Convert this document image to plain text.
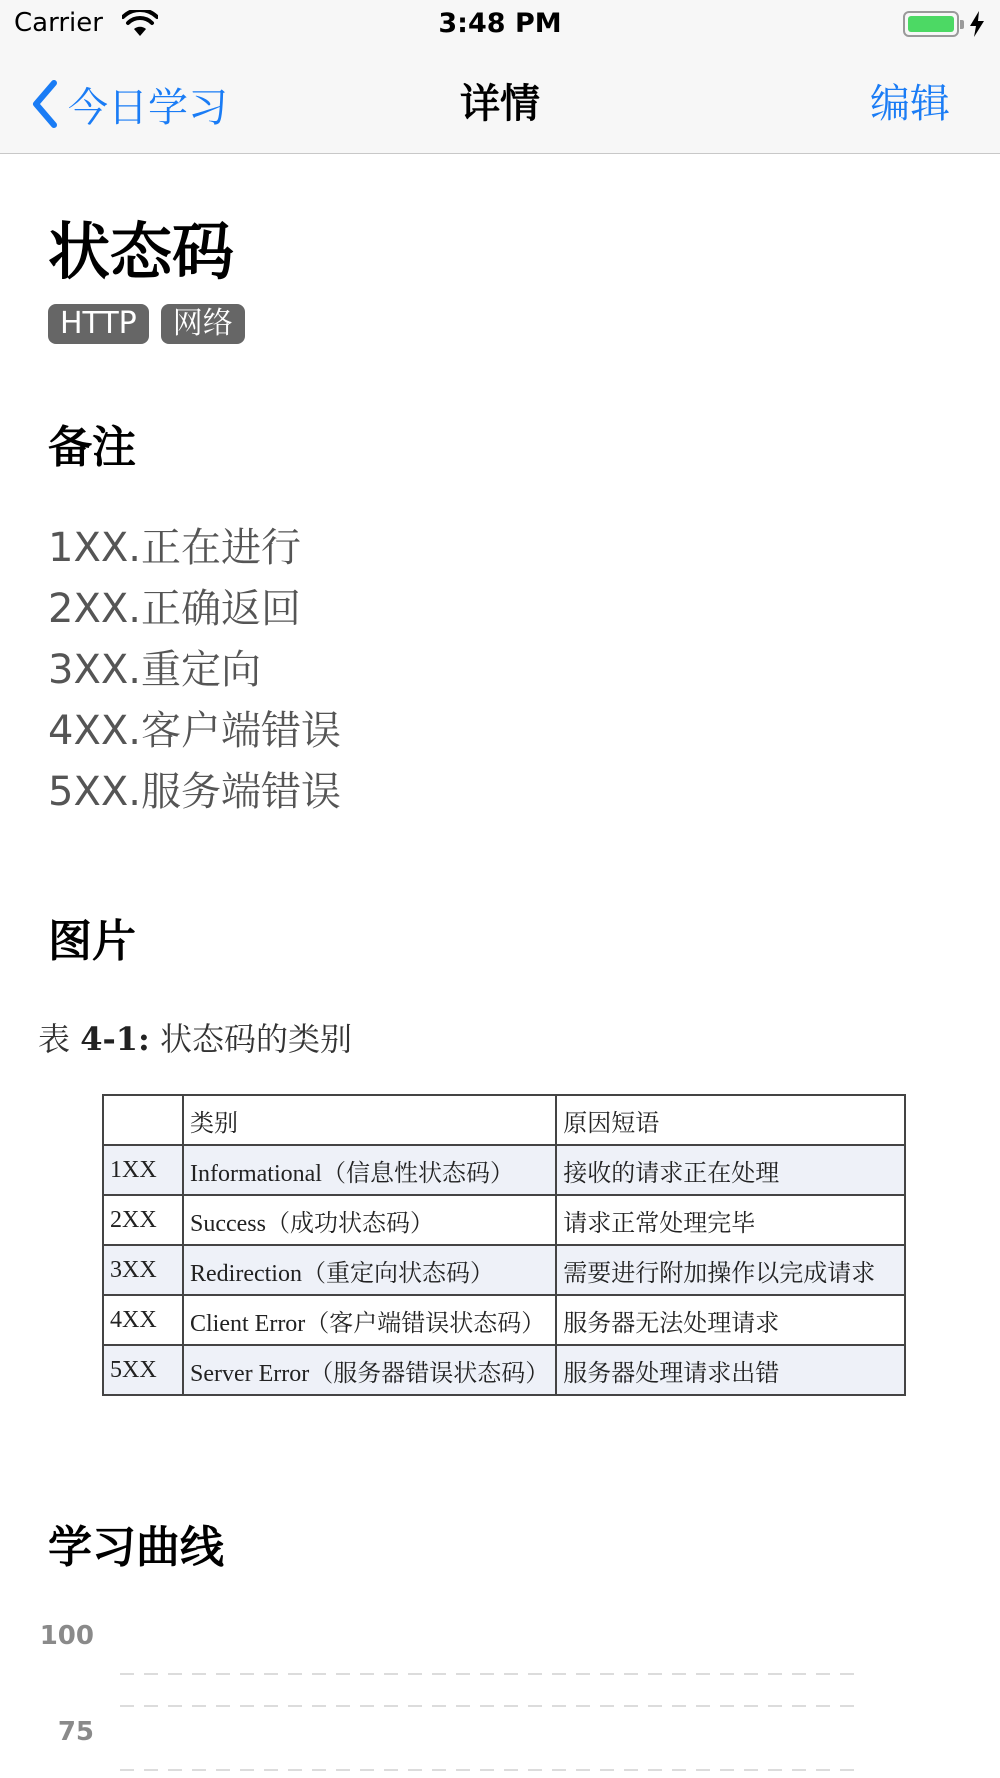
Carrier	3:48 PM
今日学习	详情	编辑
状态码
HTTP	网络
备注
1XX.正在进行
2XX.正确返回
3XX.重定向
4XX.客户端错误
5XX.服务端错误
图片
表 4-1: 状态码的类别
	类别	原因短语
1XX	Informational（信息性状态码）	接收的请求正在处理
2XX	Success（成功状态码）	请求正常处理完毕
3XX	Redirection（重定向状态码）	需要进行附加操作以完成请求
4XX	Client Error（客户端错误状态码）	服务器无法处理请求
5XX	Server Error（服务器错误状态码）	服务器处理请求出错
学习曲线
100
75
